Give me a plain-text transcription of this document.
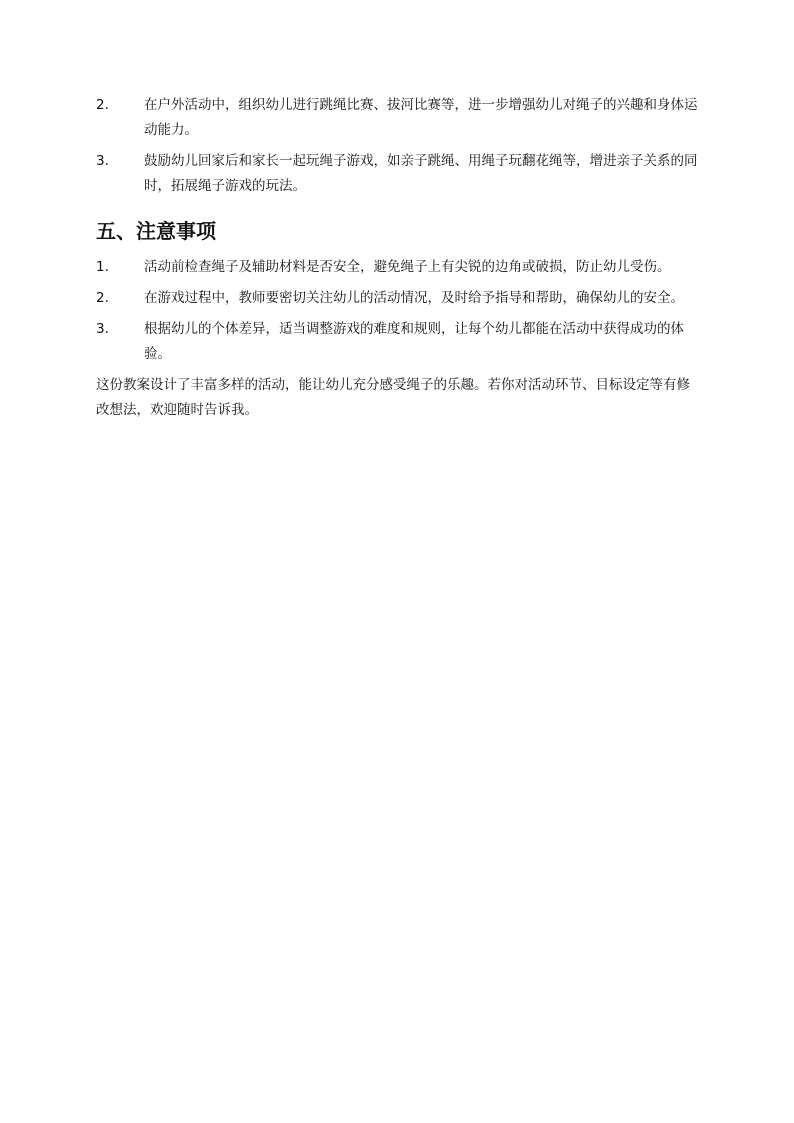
2.	在户外活动中，组织幼儿进行跳绳比赛、拔河比赛等，进一步增强幼儿对绳子的兴趣和身体运动能力。
3.	鼓励幼儿回家后和家长一起玩绳子游戏，如亲子跳绳、用绳子玩翻花绳等，增进亲子关系的同时，拓展绳子游戏的玩法。
五、注意事项
1.	活动前检查绳子及辅助材料是否安全，避免绳子上有尖锐的边角或破损，防止幼儿受伤。
2.	在游戏过程中，教师要密切关注幼儿的活动情况，及时给予指导和帮助，确保幼儿的安全。
3.	根据幼儿的个体差异，适当调整游戏的难度和规则，让每个幼儿都能在活动中获得成功的体验。
这份教案设计了丰富多样的活动，能让幼儿充分感受绳子的乐趣。若你对活动环节、目标设定等有修改想法，欢迎随时告诉我。
